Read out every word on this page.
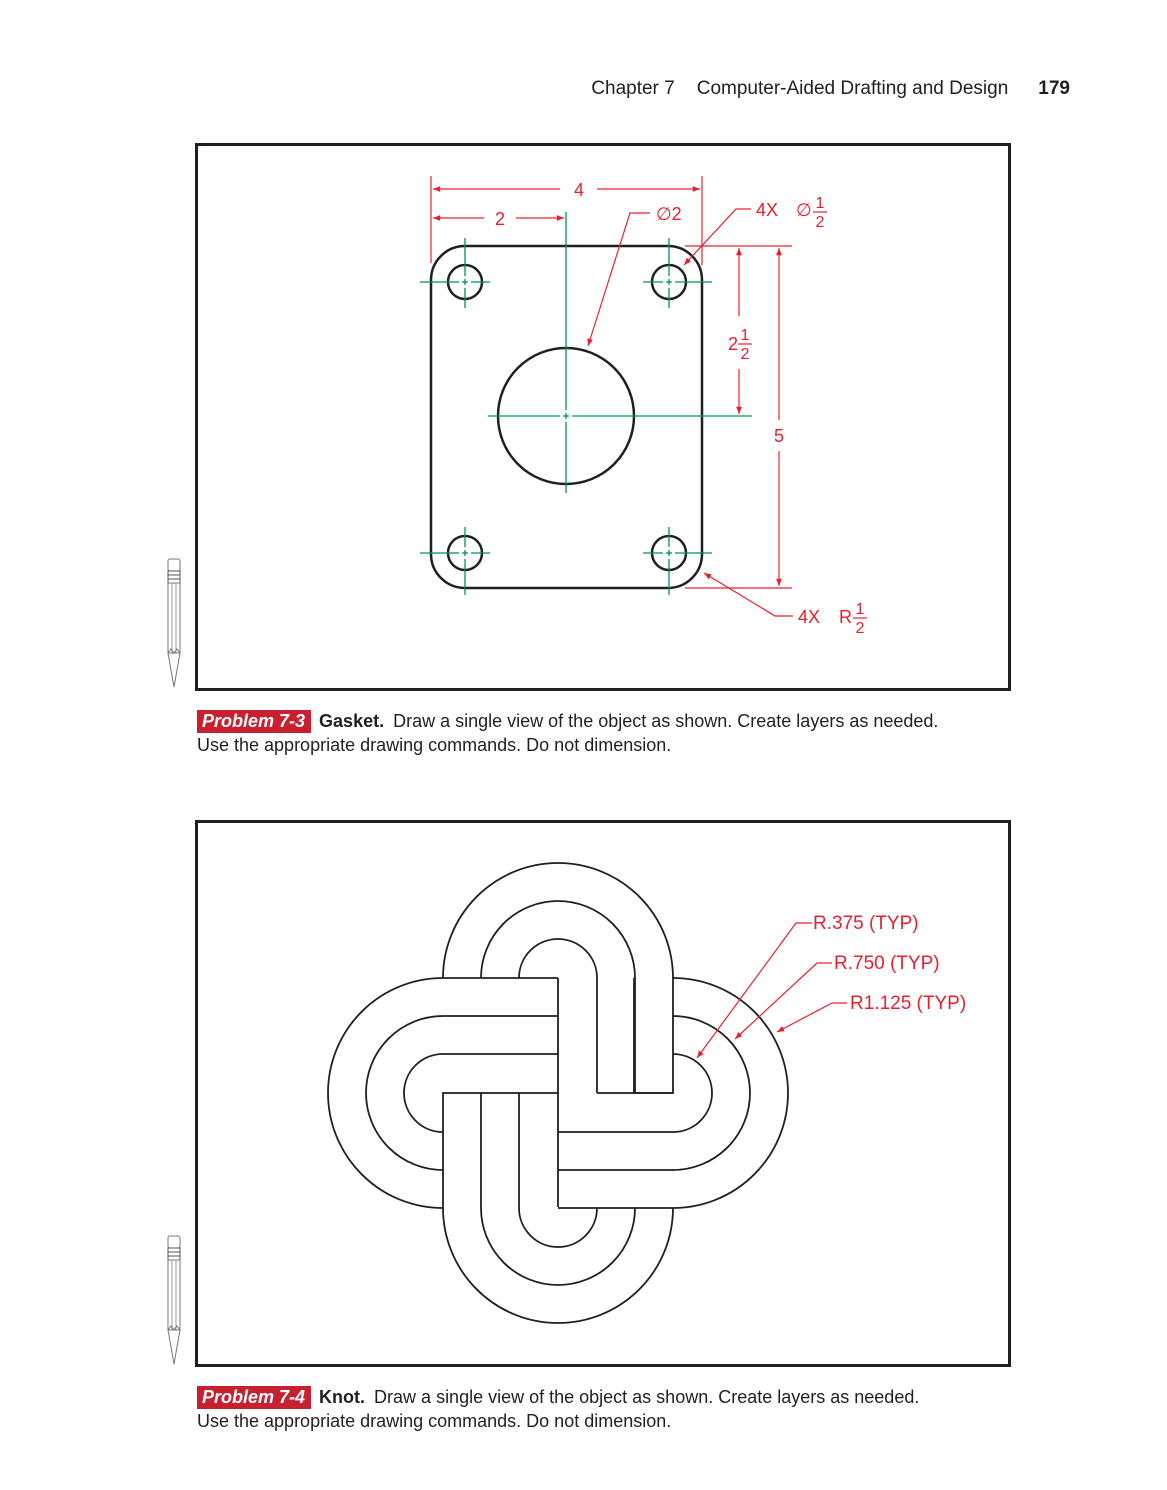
Chapter 7 Computer-Aided Drafting and Design 179
4
2	∅2	4X ∅ 1
2
2 1
2
5
4X R 1
2
Problem 7-3 Gasket. Draw a single view of the object as shown. Create layers as needed.
Use the appropriate drawing commands. Do not dimension.
R.375 (TYP)
R.750 (TYP)
R1.125 (TYP)
Problem 7-4 Knot. Draw a single view of the object as shown. Create layers as needed.
Use the appropriate drawing commands. Do not dimension.
